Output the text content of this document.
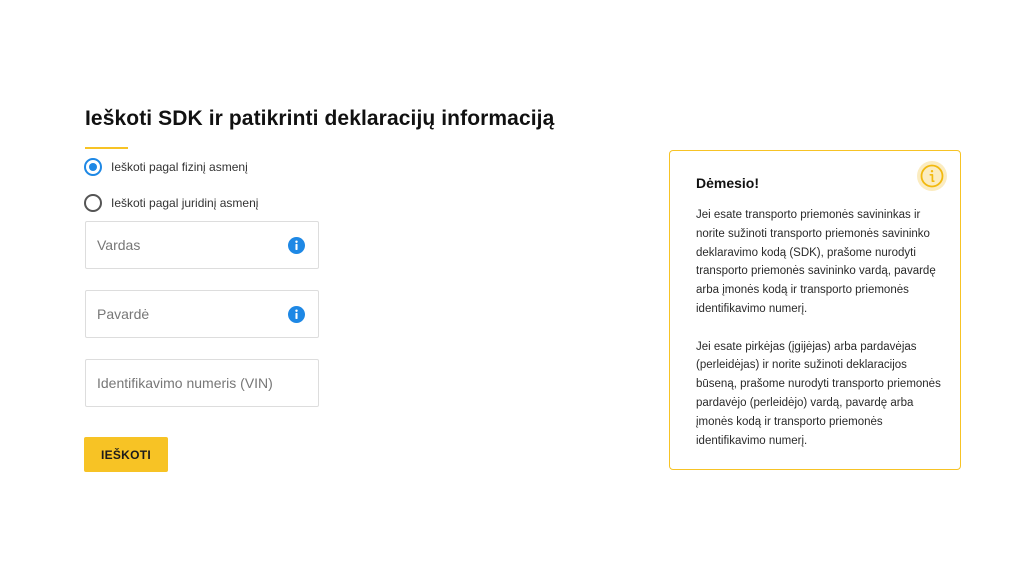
Ieškoti SDK ir patikrinti deklaracijų informaciją
Ieškoti pagal fizinį asmenį
Ieškoti pagal juridinį asmenį
Vardas
Pavardė
Identifikavimo numeris (VIN)
IEŠKOTI
Dėmesio!

Jei esate transporto priemonės savininkas ir norite sužinoti transporto priemonės savininko deklaravimo kodą (SDK), prašome nurodyti transporto priemonės savininko vardą, pavardę arba įmonės kodą ir transporto priemonės identifikavimo numerį.

Jei esate pirkėjas (įgijėjas) arba pardavėjas (perleidėjas) ir norite sužinoti deklaracijos būseną, prašome nurodyti transporto priemonės pardavėjo (perleidėjo) vardą, pavardę arba įmonės kodą ir transporto priemonės identifikavimo numerį.
